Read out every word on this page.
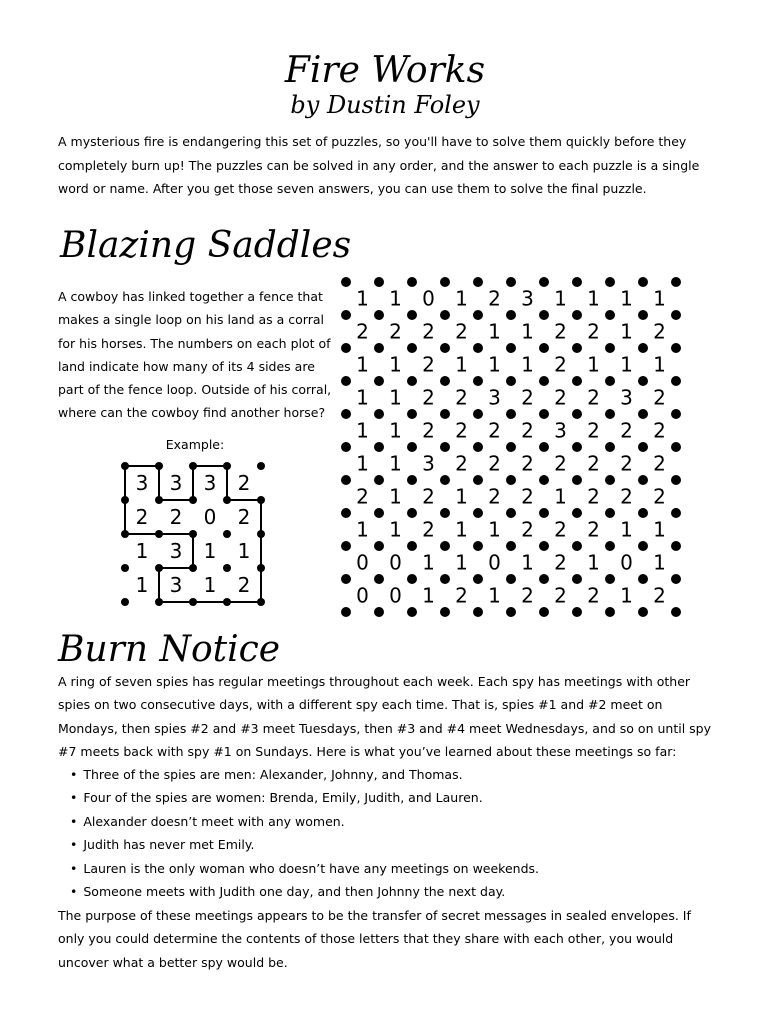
Fire Works
by Dustin Foley
A mysterious fire is endangering this set of puzzles, so you'll have to solve them quickly before they completely burn up! The puzzles can be solved in any order, and the answer to each puzzle is a single word or name. After you get those seven answers, you can use them to solve the final puzzle.
Blazing Saddles
A cowboy has linked together a fence that makes a single loop on his land as a corral for his horses. The numbers on each plot of land indicate how many of its 4 sides are part of the fence loop. Outside of his corral, where can the cowboy find another horse?
Example:
3 3 3 2
2 2 0 2
1 3 1 1
1 3 1 2
1 1 0 1 2 3 1 1 1 1
2 2 2 2 1 1 2 2 1 2
1 1 2 1 1 1 2 1 1 1
1 1 2 2 3 2 2 2 3 2
1 1 2 2 2 2 3 2 2 2
1 1 3 2 2 2 2 2 2 2
2 1 2 1 2 2 1 2 2 2
1 1 2 1 1 2 2 2 1 1
0 0 1 1 0 1 2 1 0 1
0 0 1 2 1 2 2 2 1 2
Burn Notice
A ring of seven spies has regular meetings throughout each week. Each spy has meetings with other spies on two consecutive days, with a different spy each time. That is, spies #1 and #2 meet on Mondays, then spies #2 and #3 meet Tuesdays, then #3 and #4 meet Wednesdays, and so on until spy #7 meets back with spy #1 on Sundays. Here is what you’ve learned about these meetings so far:
• Three of the spies are men: Alexander, Johnny, and Thomas.
• Four of the spies are women: Brenda, Emily, Judith, and Lauren.
• Alexander doesn’t meet with any women.
• Judith has never met Emily.
• Lauren is the only woman who doesn’t have any meetings on weekends.
• Someone meets with Judith one day, and then Johnny the next day.
The purpose of these meetings appears to be the transfer of secret messages in sealed envelopes. If only you could determine the contents of those letters that they share with each other, you would uncover what a better spy would be.
